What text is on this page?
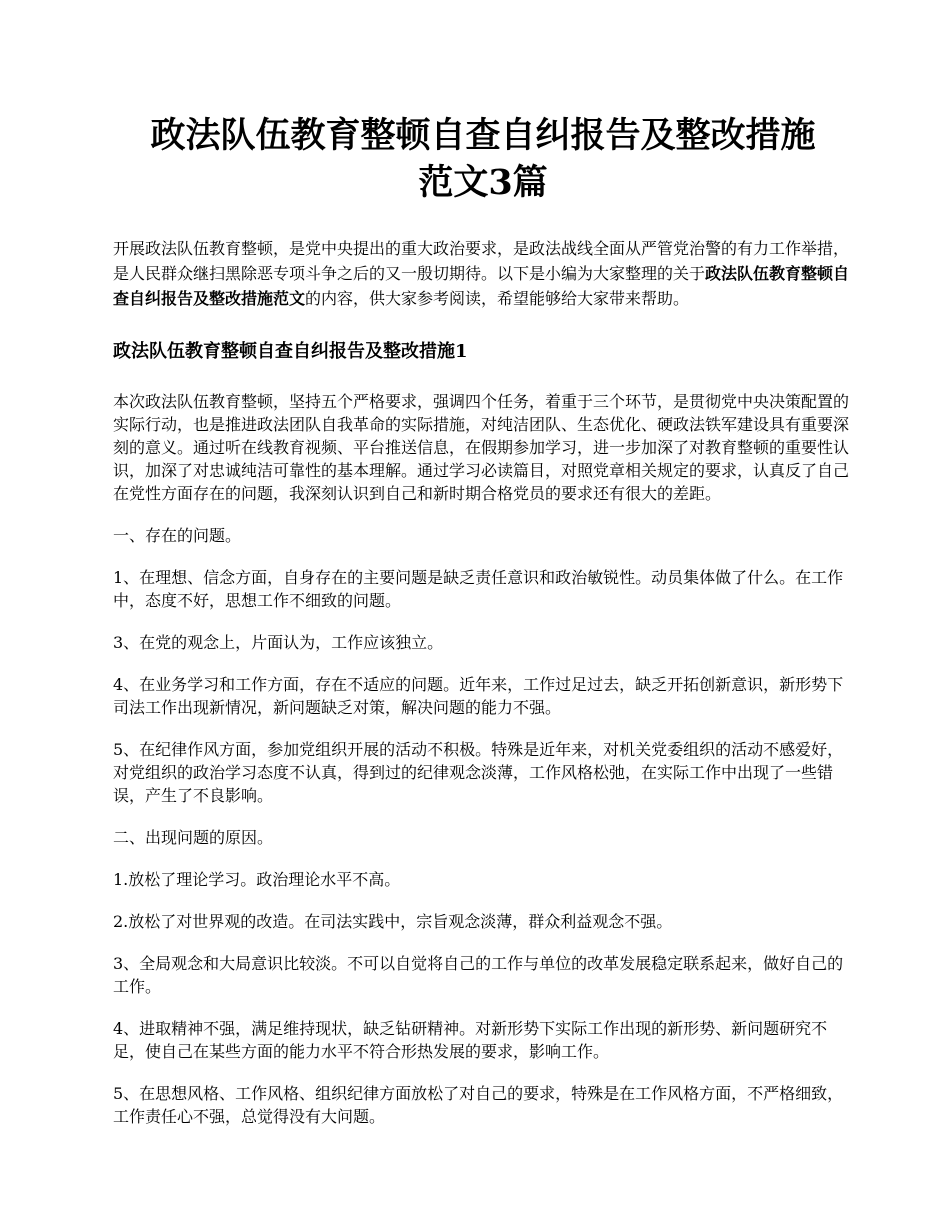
政法队伍教育整顿自查自纠报告及整改措施
范文3篇

开展政法队伍教育整顿，是党中央提出的重大政治要求，是政法战线全面从严管党治警的有力工作举措，是人民群众继扫黑除恶专项斗争之后的又一殷切期待。以下是小编为大家整理的关于政法队伍教育整顿自查自纠报告及整改措施范文的内容，供大家参考阅读，希望能够给大家带来帮助。

政法队伍教育整顿自查自纠报告及整改措施1

本次政法队伍教育整顿，坚持五个严格要求，强调四个任务，着重于三个环节，是贯彻党中央决策配置的实际行动，也是推进政法团队自我革命的实际措施，对纯洁团队、生态优化、硬政法铁军建设具有重要深刻的意义。通过听在线教育视频、平台推送信息，在假期参加学习，进一步加深了对教育整顿的重要性认识，加深了对忠诚纯洁可靠性的基本理解。通过学习必读篇目，对照党章相关规定的要求，认真反了自己在党性方面存在的问题，我深刻认识到自己和新时期合格党员的要求还有很大的差距。

一、存在的问题。

1、在理想、信念方面，自身存在的主要问题是缺乏责任意识和政治敏锐性。动员集体做了什么。在工作中，态度不好，思想工作不细致的问题。

3、在党的观念上，片面认为，工作应该独立。

4、在业务学习和工作方面，存在不适应的问题。近年来，工作过足过去，缺乏开拓创新意识，新形势下司法工作出现新情况，新问题缺乏对策，解决问题的能力不强。

5、在纪律作风方面，参加党组织开展的活动不积极。特殊是近年来，对机关党委组织的活动不感爱好，对党组织的政治学习态度不认真，得到过的纪律观念淡薄，工作风格松弛，在实际工作中出现了一些错误，产生了不良影响。

二、出现问题的原因。

1.放松了理论学习。政治理论水平不高。

2.放松了对世界观的改造。在司法实践中，宗旨观念淡薄，群众利益观念不强。

3、全局观念和大局意识比较淡。不可以自觉将自己的工作与单位的改革发展稳定联系起来，做好自己的工作。

4、进取精神不强，满足维持现状，缺乏钻研精神。对新形势下实际工作出现的新形势、新问题研究不足，使自己在某些方面的能力水平不符合形热发展的要求，影响工作。

5、在思想风格、工作风格、组织纪律方面放松了对自己的要求，特殊是在工作风格方面，不严格细致，工作责任心不强，总觉得没有大问题。
